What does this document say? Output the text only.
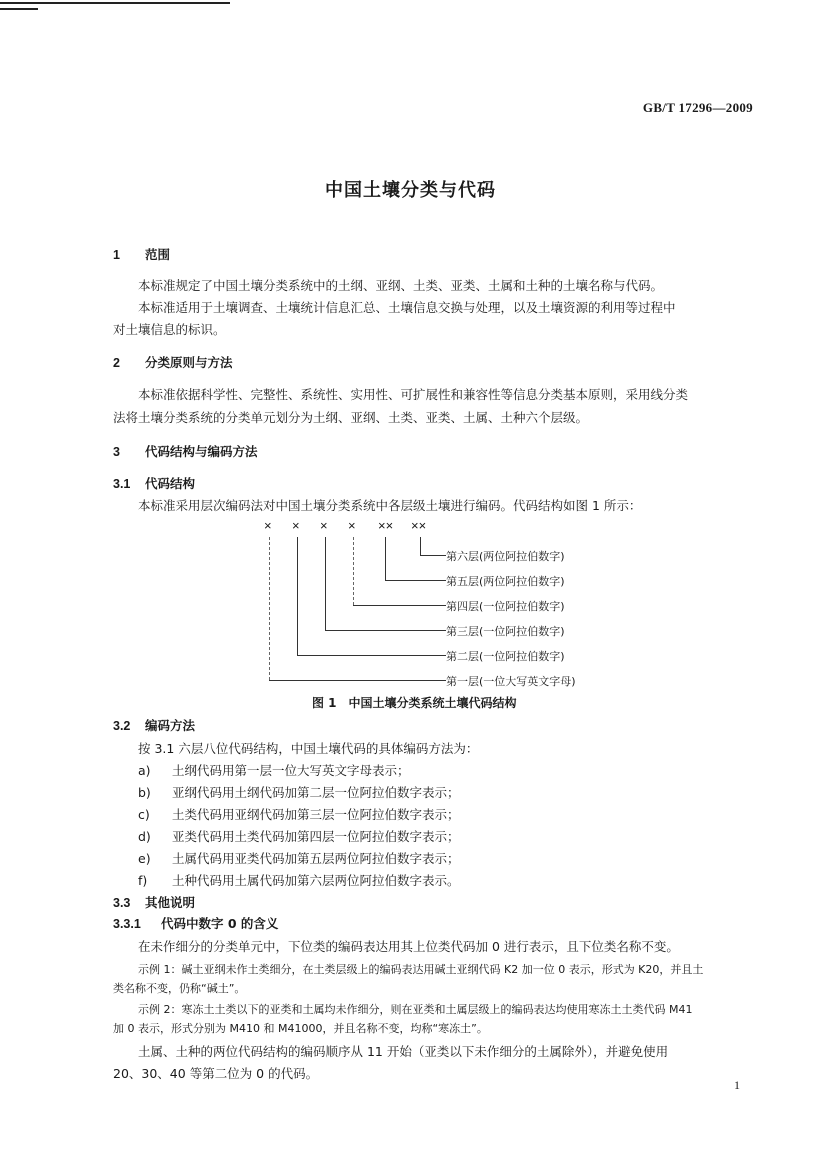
GB/T 17296—2009
中国土壤分类与代码
1 范围
本标准规定了中国土壤分类系统中的土纲、亚纲、土类、亚类、土属和土种的土壤名称与代码。
本标准适用于土壤调查、土壤统计信息汇总、土壤信息交换与处理，以及土壤资源的利用等过程中
对土壤信息的标识。
2 分类原则与方法
本标准依据科学性、完整性、系统性、实用性、可扩展性和兼容性等信息分类基本原则，采用线分类
法将土壤分类系统的分类单元划分为土纲、亚纲、土类、亚类、土属、土种六个层级。
3 代码结构与编码方法
3.1 代码结构
本标准采用层次编码法对中国土壤分类系统中各层级土壤进行编码。代码结构如图 1 所示：
× × × × ×× ××
第六层(两位阿拉伯数字)
第五层(两位阿拉伯数字)
第四层(一位阿拉伯数字)
第三层(一位阿拉伯数字)
第二层(一位阿拉伯数字)
第一层(一位大写英文字母)
图 1　中国土壤分类系统土壤代码结构
3.2 编码方法
按 3.1 六层八位代码结构，中国土壤代码的具体编码方法为：
a) 土纲代码用第一层一位大写英文字母表示；
b) 亚纲代码用土纲代码加第二层一位阿拉伯数字表示；
c) 土类代码用亚纲代码加第三层一位阿拉伯数字表示；
d) 亚类代码用土类代码加第四层一位阿拉伯数字表示；
e) 土属代码用亚类代码加第五层两位阿拉伯数字表示；
f) 土种代码用土属代码加第六层两位阿拉伯数字表示。
3.3 其他说明
3.3.1 代码中数字 0 的含义
在未作细分的分类单元中，下位类的编码表达用其上位类代码加 0 进行表示，且下位类名称不变。
示例 1：碱土亚纲未作土类细分，在土类层级上的编码表达用碱土亚纲代码 K2 加一位 0 表示，形式为 K20，并且土
类名称不变，仍称“碱土”。
示例 2：寒冻土土类以下的亚类和土属均未作细分，则在亚类和土属层级上的编码表达均使用寒冻土土类代码 M41
加 0 表示，形式分别为 M410 和 M41000，并且名称不变，均称“寒冻土”。
土属、土种的两位代码结构的编码顺序从 11 开始（亚类以下未作细分的土属除外），并避免使用
20、30、40 等第二位为 0 的代码。
1
